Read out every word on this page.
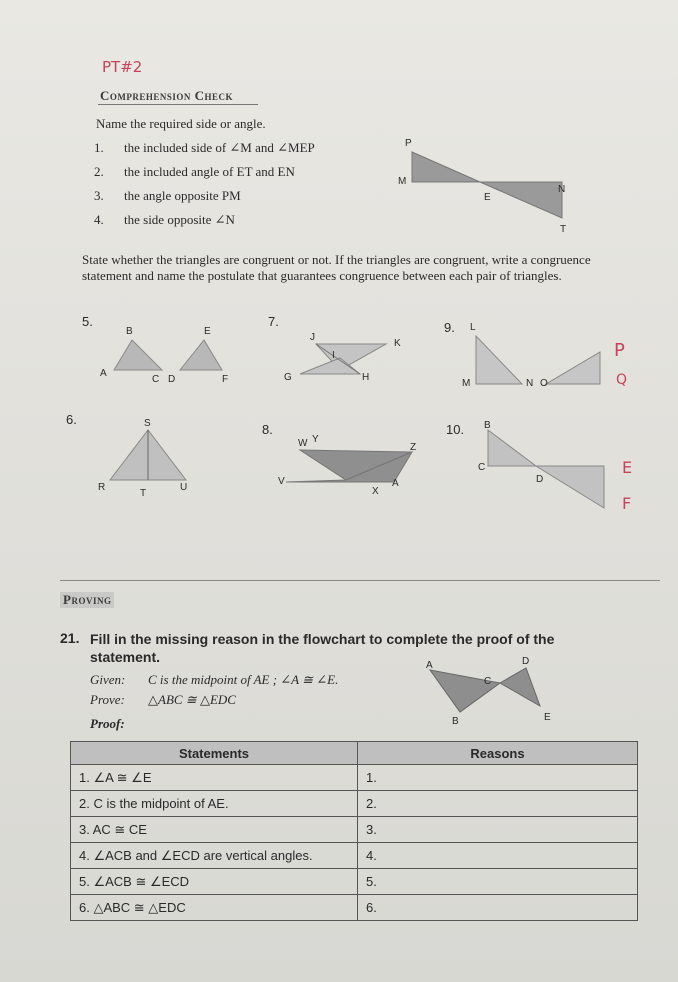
PT#2
P
Q
E
F
Comprehension Check
Name the required side or angle.
1. the included side of ∠M and ∠MEP
2. the included angle of ET and EN
3. the angle opposite PM
4. the side opposite ∠N
P
M
E
N
T
State whether the triangles are congruent or not. If the triangles are congruent, write a congruence statement and name the postulate that guarantees congruence between each pair of triangles.
5.
6.
7.
8.
9.
10.
B	E
A
C D	F
S
R
T
U
J
K
I
G	H
W Y
Z
V
X
A
L
M	N O
B
C
D
Proving
21. Fill in the missing reason in the flowchart to complete the proof of the statement.
Given: C is the midpoint of AE ; ∠A ≅ ∠E.
Prove: △ABC ≅ △EDC
Proof:
A	D
C
B	E
Statements	Reasons
1. ∠A ≅ ∠E	1.
2. C is the midpoint of AE.	2.
3. AC ≅ CE	3.
4. ∠ACB and ∠ECD are vertical angles.	4.
5. ∠ACB ≅ ∠ECD	5.
6. △ABC ≅ △EDC	6.
